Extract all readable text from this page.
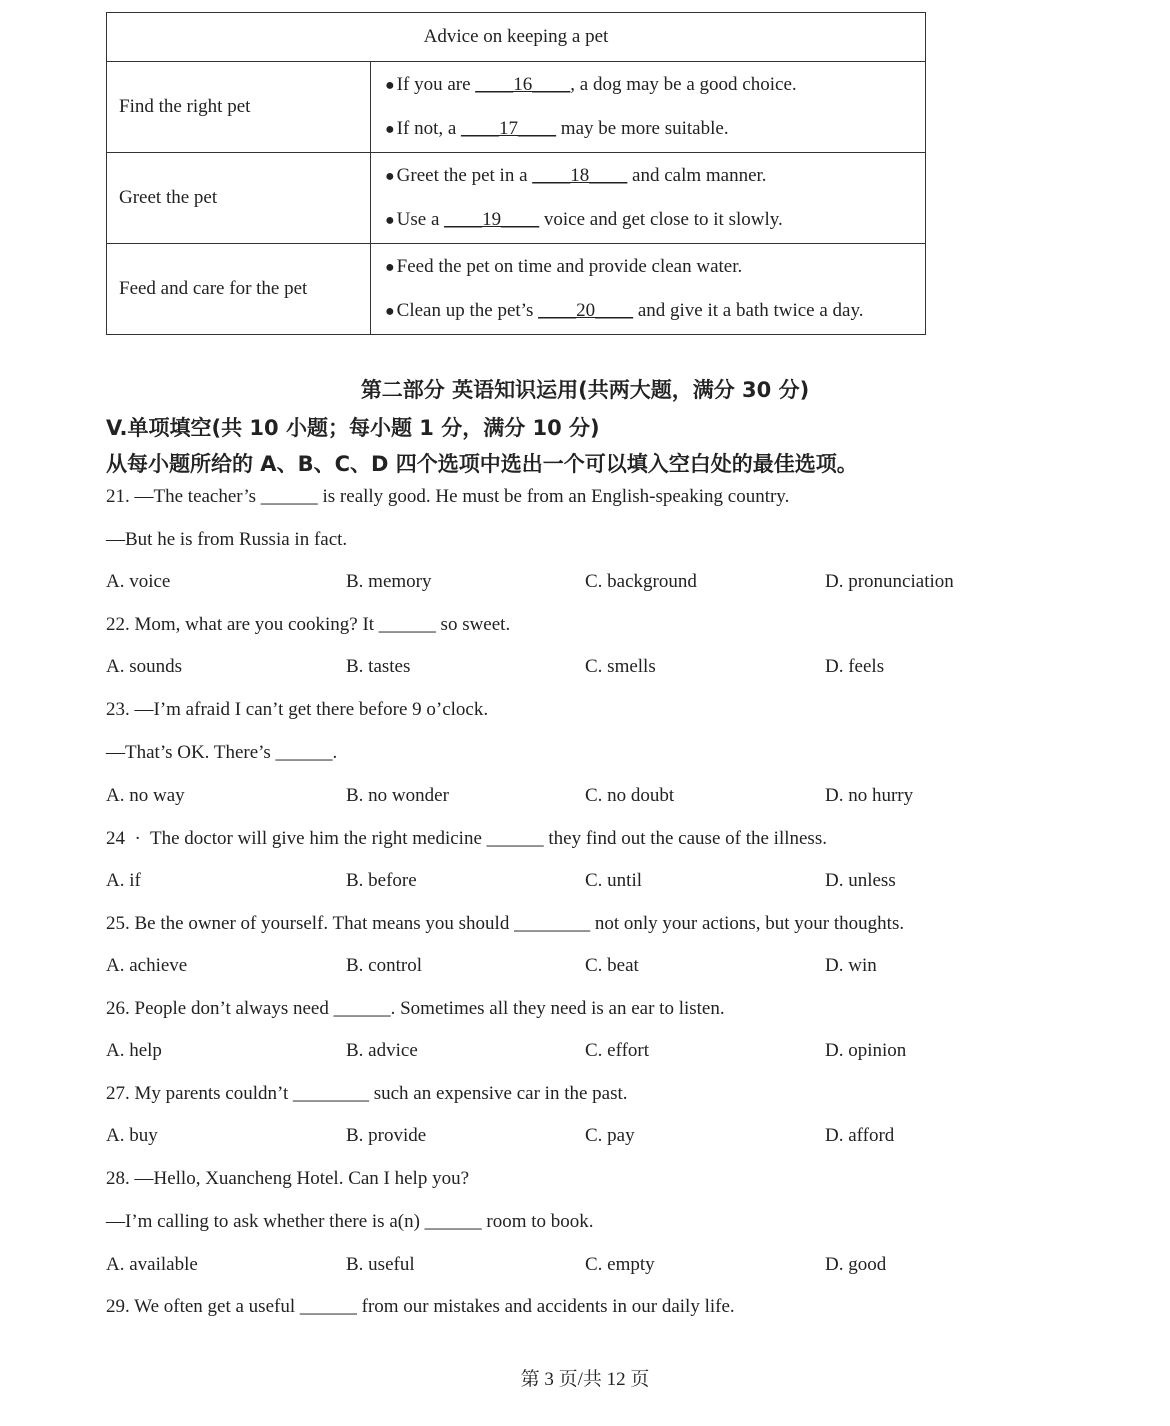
Advice on keeping a pet	
Find the right pet	● If you are ____16____, a dog may be a good choice.
● If not, a ____17____ may be more suitable.

Greet the pet	● Greet the pet in a ____18____ and calm manner.
● Use a ____19____ voice and get close to it slowly.

Feed and care for the pet	● Feed the pet on time and provide clean water.
● Clean up the pet’s ____20____ and give it a bath twice a day.
第二部分 英语知识运用(共两大题，满分 30 分)
V.单项填空(共 10 小题；每小题 1 分，满分 10 分)
从每小题所给的 A、B、C、D 四个选项中选出一个可以填入空白处的最佳选项。
21. —The teacher’s ______ is really good. He must be from an English-speaking country.
—But he is from Russia in fact.
A. voice	B. memory	C. background	D. pronunciation
22. Mom, what are you cooking? It ______ so sweet.
A. sounds	B. tastes	C. smells	D. feels
23. —I’m afraid I can’t get there before 9 o’clock.
—That’s OK. There’s ______.
A. no way	B. no wonder	C. no doubt	D. no hurry
24  ·  The doctor will give him the right medicine ______ they find out the cause of the illness.
A. if	B. before	C. until	D. unless
25. Be the owner of yourself. That means you should ________ not only your actions, but your thoughts.
A. achieve	B. control	C. beat	D. win
26. People don’t always need ______. Sometimes all they need is an ear to listen.
A. help	B. advice	C. effort	D. opinion
27. My parents couldn’t ________ such an expensive car in the past.
A. buy	B. provide	C. pay	D. afford
28. —Hello, Xuancheng Hotel. Can I help you?
—I’m calling to ask whether there is a(n) ______ room to book.
A. available	B. useful	C. empty	D. good
29. We often get a useful ______ from our mistakes and accidents in our daily life.
第 3 页/共 12 页
